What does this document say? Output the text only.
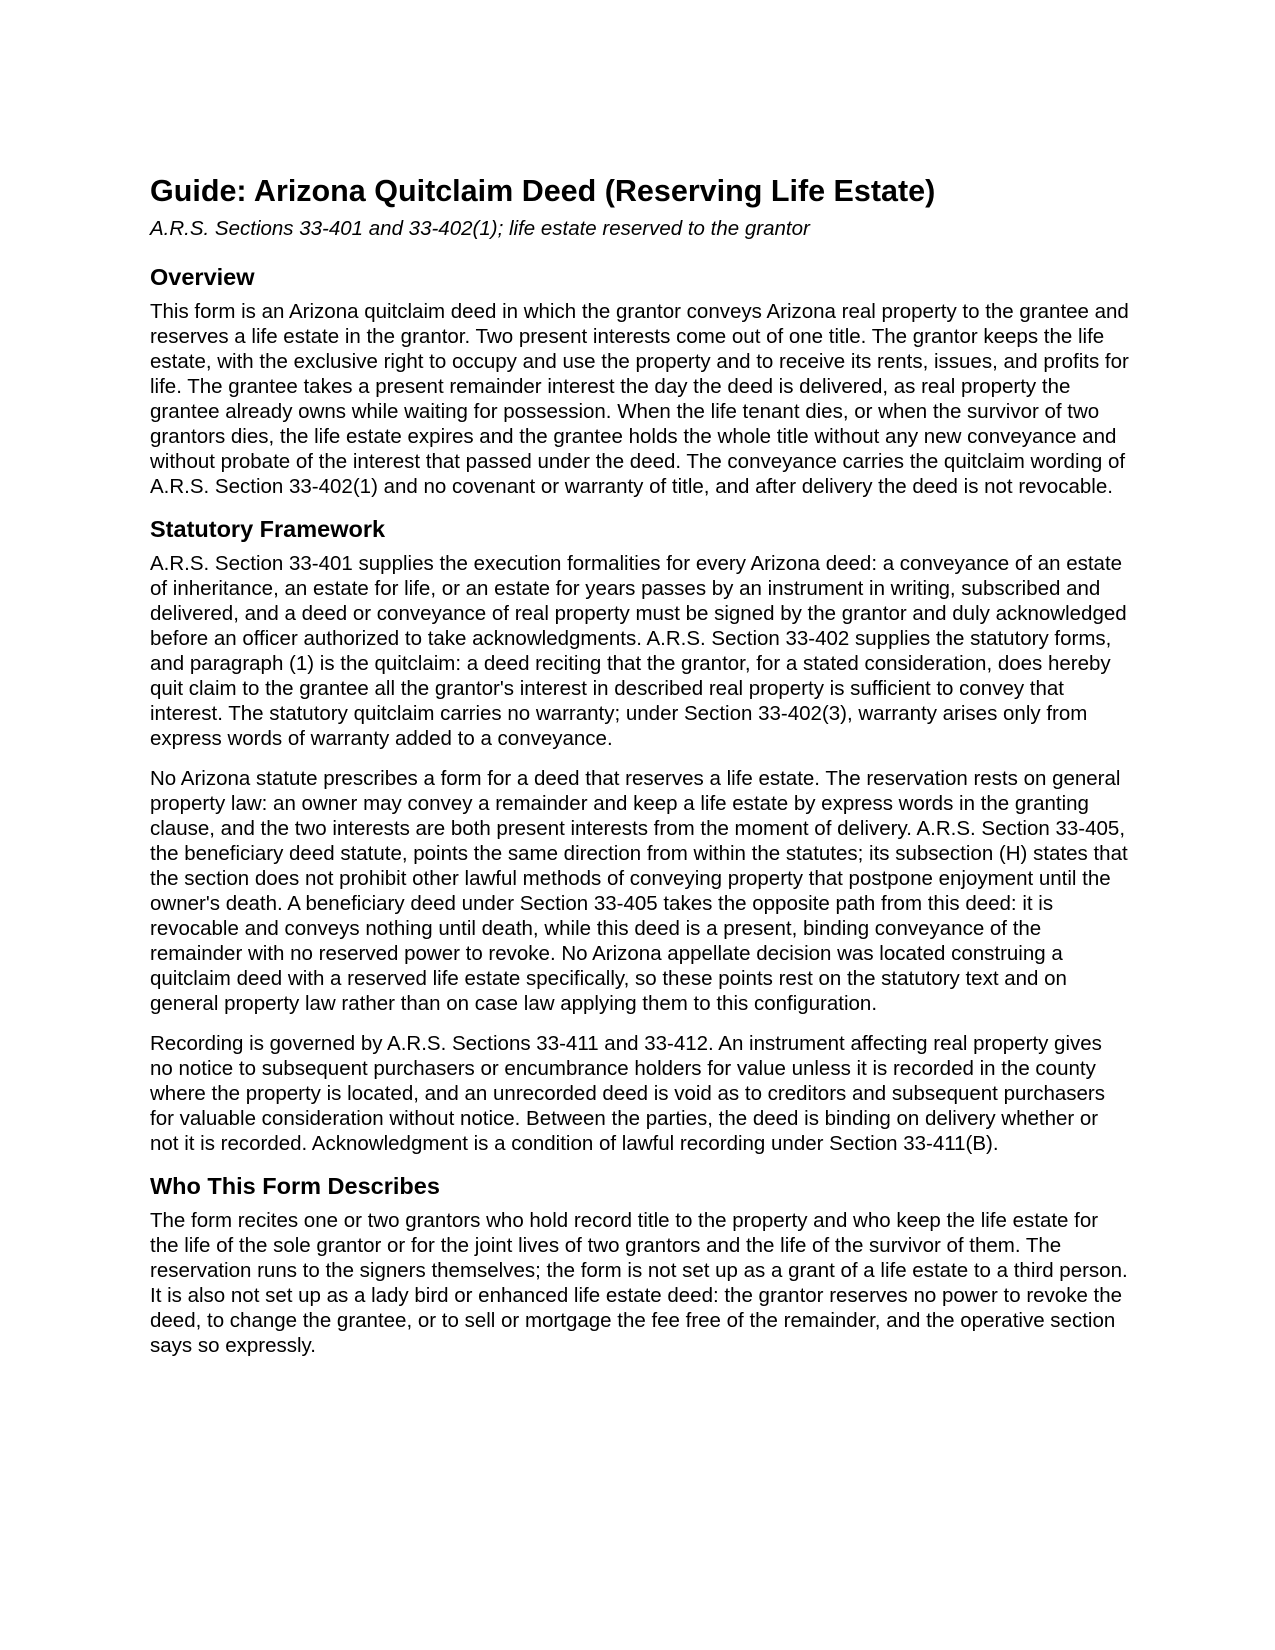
Guide: Arizona Quitclaim Deed (Reserving Life Estate)
A.R.S. Sections 33-401 and 33-402(1); life estate reserved to the grantor
Overview

This form is an Arizona quitclaim deed in which the grantor conveys Arizona real property to the grantee and reserves a life estate in the grantor. Two present interests come out of one title. The grantor keeps the life estate, with the exclusive right to occupy and use the property and to receive its rents, issues, and profits for life. The grantee takes a present remainder interest the day the deed is delivered, as real property the grantee already owns while waiting for possession. When the life tenant dies, or when the survivor of two grantors dies, the life estate expires and the grantee holds the whole title without any new conveyance and without probate of the interest that passed under the deed. The conveyance carries the quitclaim wording of A.R.S. Section 33-402(1) and no covenant or warranty of title, and after delivery the deed is not revocable.

Statutory Framework

A.R.S. Section 33-401 supplies the execution formalities for every Arizona deed: a conveyance of an estate of inheritance, an estate for life, or an estate for years passes by an instrument in writing, subscribed and delivered, and a deed or conveyance of real property must be signed by the grantor and duly acknowledged before an officer authorized to take acknowledgments. A.R.S. Section 33-402 supplies the statutory forms, and paragraph (1) is the quitclaim: a deed reciting that the grantor, for a stated consideration, does hereby quit claim to the grantee all the grantor's interest in described real property is sufficient to convey that interest. The statutory quitclaim carries no warranty; under Section 33-402(3), warranty arises only from express words of warranty added to a conveyance.

No Arizona statute prescribes a form for a deed that reserves a life estate. The reservation rests on general property law: an owner may convey a remainder and keep a life estate by express words in the granting clause, and the two interests are both present interests from the moment of delivery. A.R.S. Section 33-405, the beneficiary deed statute, points the same direction from within the statutes; its subsection (H) states that the section does not prohibit other lawful methods of conveying property that postpone enjoyment until the owner's death. A beneficiary deed under Section 33-405 takes the opposite path from this deed: it is revocable and conveys nothing until death, while this deed is a present, binding conveyance of the remainder with no reserved power to revoke. No Arizona appellate decision was located construing a quitclaim deed with a reserved life estate specifically, so these points rest on the statutory text and on general property law rather than on case law applying them to this configuration.

Recording is governed by A.R.S. Sections 33-411 and 33-412. An instrument affecting real property gives no notice to subsequent purchasers or encumbrance holders for value unless it is recorded in the county where the property is located, and an unrecorded deed is void as to creditors and subsequent purchasers for valuable consideration without notice. Between the parties, the deed is binding on delivery whether or not it is recorded. Acknowledgment is a condition of lawful recording under Section 33-411(B).

Who This Form Describes

The form recites one or two grantors who hold record title to the property and who keep the life estate for the life of the sole grantor or for the joint lives of two grantors and the life of the survivor of them. The reservation runs to the signers themselves; the form is not set up as a grant of a life estate to a third person. It is also not set up as a lady bird or enhanced life estate deed: the grantor reserves no power to revoke the deed, to change the grantee, or to sell or mortgage the fee free of the remainder, and the operative section says so expressly.
